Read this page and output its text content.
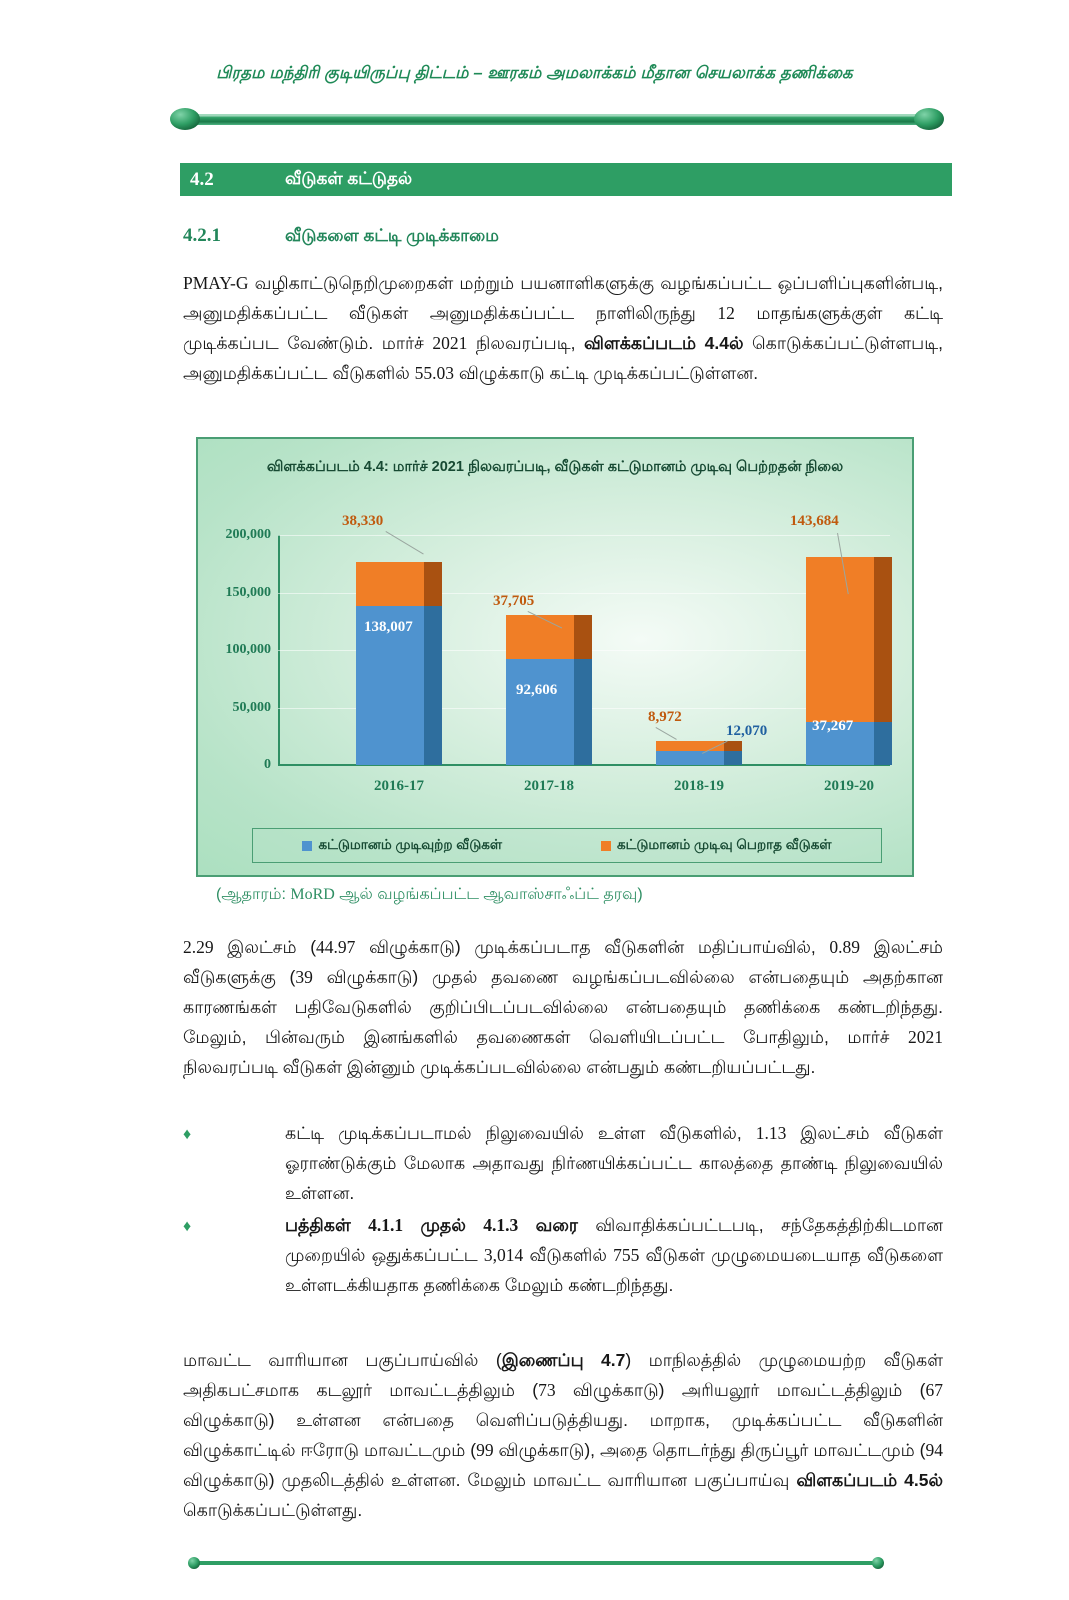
பிரதம மந்திரி குடியிருப்பு திட்டம் – ஊரகம் அமலாக்கம் மீதான செயலாக்க தணிக்கை
4.2	வீடுகள் கட்டுதல்
4.2.1	வீடுகளை கட்டி முடிக்காமை
PMAY-G வழிகாட்டுநெறிமுறைகள் மற்றும் பயனாளிகளுக்கு வழங்கப்பட்ட ஒப்பளிப்புகளின்படி, அனுமதிக்கப்பட்ட வீடுகள் அனுமதிக்கப்பட்ட நாளிலிருந்து 12 மாதங்களுக்குள் கட்டி முடிக்கப்பட வேண்டும். மார்ச் 2021 நிலவரப்படி, விளக்கப்படம் 4.4ல் கொடுக்கப்பட்டுள்ளபடி, அனுமதிக்கப்பட்ட வீடுகளில் 55.03 விழுக்காடு கட்டி முடிக்கப்பட்டுள்ளன.
விளக்கப்படம் 4.4: மார்ச் 2021 நிலவரப்படி, வீடுகள் கட்டுமானம் முடிவு பெற்றதன் நிலை
200,000
150,000
100,000
50,000
0
2016-17
38,330
138,007
2017-18
37,705
92,606
2018-19
8,972
12,070
2019-20
143,684
37,267
கட்டுமானம் முடிவுற்ற வீடுகள்	கட்டுமானம் முடிவு பெறாத வீடுகள்
(ஆதாரம்: MoRD ஆல் வழங்கப்பட்ட ஆவாஸ்சாஃப்ட் தரவு)
2.29 இலட்சம் (44.97 விழுக்காடு) முடிக்கப்படாத வீடுகளின் மதிப்பாய்வில், 0.89 இலட்சம் வீடுகளுக்கு (39 விழுக்காடு) முதல் தவணை வழங்கப்படவில்லை என்பதையும் அதற்கான காரணங்கள் பதிவேடுகளில் குறிப்பிடப்படவில்லை என்பதையும் தணிக்கை கண்டறிந்தது. மேலும், பின்வரும் இனங்களில் தவணைகள் வெளியிடப்பட்ட போதிலும், மார்ச் 2021 நிலவரப்படி வீடுகள் இன்னும் முடிக்கப்படவில்லை என்பதும் கண்டறியப்பட்டது.
♦	கட்டி முடிக்கப்படாமல் நிலுவையில் உள்ள வீடுகளில், 1.13 இலட்சம் வீடுகள் ஓராண்டுக்கும் மேலாக அதாவது நிர்ணயிக்கப்பட்ட காலத்தை தாண்டி நிலுவையில் உள்ளன.
♦	பத்திகள் 4.1.1 முதல் 4.1.3 வரை விவாதிக்கப்பட்டபடி, சந்தேகத்திற்கிடமான முறையில் ஒதுக்கப்பட்ட 3,014 வீடுகளில் 755 வீடுகள் முழுமையடையாத வீடுகளை உள்ளடக்கியதாக தணிக்கை மேலும் கண்டறிந்தது.
மாவட்ட வாரியான பகுப்பாய்வில் (இணைப்பு 4.7) மாநிலத்தில் முழுமையற்ற வீடுகள் அதிகபட்சமாக கடலூர் மாவட்டத்திலும் (73 விழுக்காடு) அரியலூர் மாவட்டத்திலும் (67 விழுக்காடு) உள்ளன என்பதை வெளிப்படுத்தியது. மாறாக, முடிக்கப்பட்ட வீடுகளின் விழுக்காட்டில் ஈரோடு மாவட்டமும் (99 விழுக்காடு), அதை தொடர்ந்து திருப்பூர் மாவட்டமும் (94 விழுக்காடு) முதலிடத்தில் உள்ளன. மேலும் மாவட்ட வாரியான பகுப்பாய்வு விளகப்படம் 4.5ல் கொடுக்கப்பட்டுள்ளது.
